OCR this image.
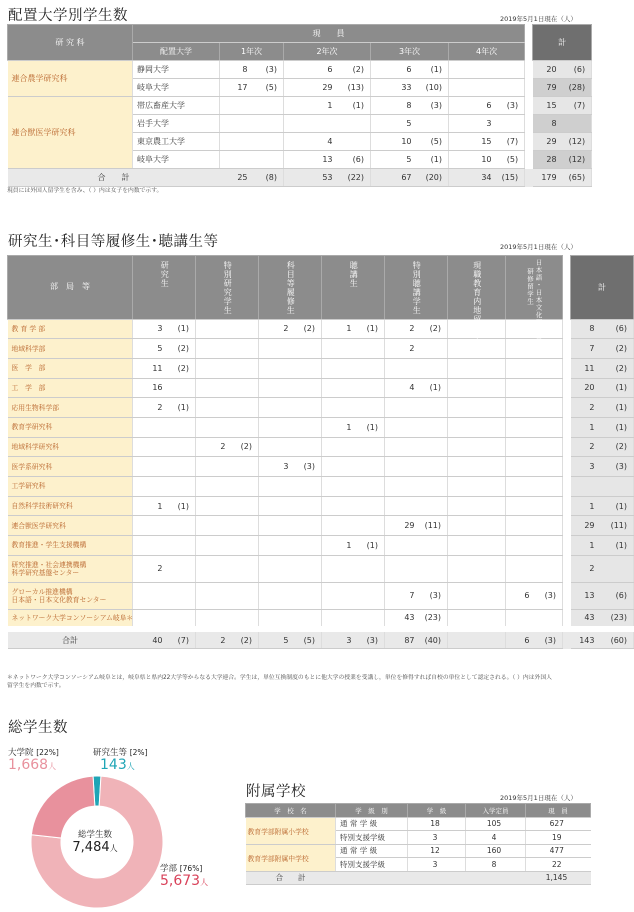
配置大学別学生数	2019年5月1日現在（人）
研 究 科	現　　員										計	
	配置大学	1年次		2年次		3年次		4年次				
連合農学研究科	静岡大学	8	(3)	6	(2)	6	(1)				20	(6)
	岐阜大学	17	(5)	29	(13)	33	(10)				79	(28)
連合獣医学研究科	帯広畜産大学			1	(1)	8	(3)	6	(3)		15	(7)
	岩手大学					5		3			8	
	東京農工大学			4		10	(5)	15	(7)		29	(12)
	岐阜大学			13	(6)	5	(1)	10	(5)		28	(12)
合　　計		25	(8)	53	(22)	67	(20)	34	(15)		179	(65)
現員には外国人留学生を含み、（ ）内は女子を内数で示す。
研究生･科目等履修生･聴講生等	2019年5月1日現在（人）
部　局　等	研究生		特別研究学生		科目等履修生		聴講生		特別聴講学生		現職教育内地留学生	研修留学生日本語・日本文化研修留学生			計	

教 育 学 部	3	(1)			2	(2)	1	(1)	2	(2)					8	(6)

地域科学部	5	(2)							2						7	(2)

医　学　部	11	(2)													11	(2)

工　学　部	16								4	(1)					20	(1)

応用生物科学部	2	(1)													2	(1)

教育学研究科							1	(1)							1	(1)

地域科学研究科			2	(2)											2	(2)

医学系研究科					3	(3)									3	(3)

工学研究科																

自然科学技術研究科	1	(1)													1	(1)

連合獣医学研究科									29	(11)					29	(11)

教育推進・学生支援機構							1	(1)							1	(1)

研究推進・社会連携機構
科学研究基盤センター	2														2	

グローカル推進機構
日本語・日本文化教育センター									7	(3)		6	(3)		13	(6)

ネットワーク大学コンソーシアム岐阜＊									43	(23)					43	(23)

合計	40	(7)	2	(2)	5	(5)	3	(3)	87	(40)		6	(3)		143	(60)
＊ネットワーク大学コンソーシアム岐阜とは，岐阜県と県内22大学等からなる大学連合。学生は，単位互換制度のもとに他大学の授業を受講し，単位を修得すれば自校の単位として認定される。（ ）内は外国人
留学生を内数で示す。
総学生数
大学院 [22%]
1,668人
研究生等 [2%]
143人
総学生数
7,484人
学部 [76%]
5,673人
附属学校	2019年5月1日現在（人）
学　校　名	学　級　別	学　級	入学定員	現　員
教育学部附属小学校	通 常 学 級	18	105	627
	特別支援学級	3	4	19
教育学部附属中学校	通 常 学 級	12	160	477
	特別支援学級	3	8	22
合　　計				1,145
